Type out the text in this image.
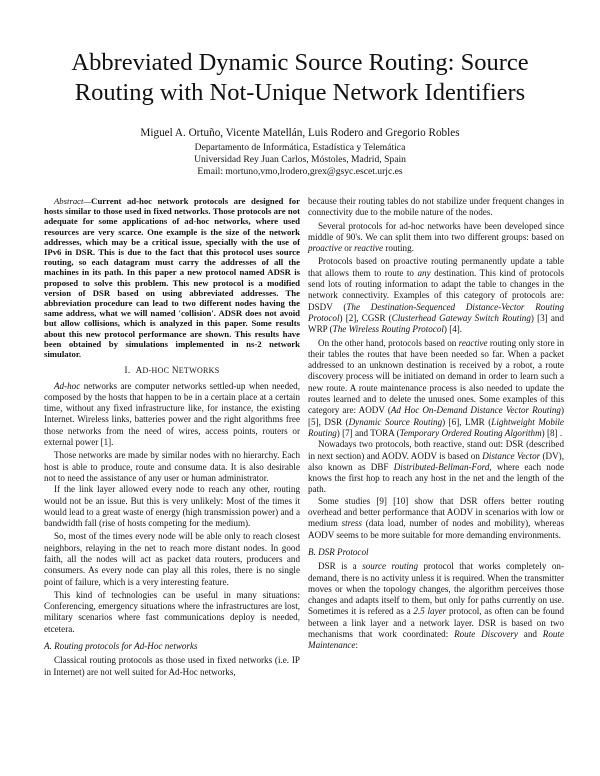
Abbreviated Dynamic Source Routing: Source
Routing with Not-Unique Network Identifiers
Miguel A. Ortuño, Vicente Matellán, Luis Rodero and Gregorio Robles
Departamento de Informática, Estadística y Telemática
Universidad Rey Juan Carlos, Móstoles, Madrid, Spain
Email: mortuno,vmo,lrodero,grex@gsyc.escet.urjc.es

Abstract—Current ad-hoc network protocols are designed for hosts similar to those used in fixed networks. Those protocols are not adequate for some applications of ad-hoc networks, where used resources are very scarce. One example is the size of the network addresses, which may be a critical issue, specially with the use of IPv6 in DSR. This is due to the fact that this protocol uses source routing, so each datagram must carry the addresses of all the machines in its path. In this paper a new protocol named ADSR is proposed to solve this problem. This new protocol is a modified version of DSR based on using abbreviated addresses. The abbreviation procedure can lead to two different nodes having the same address, what we will named 'collision'. ADSR does not avoid but allow collisions, which is analyzed in this paper. Some results about this new protocol performance are shown. This results have been obtained by simulations implemented in ns-2 network simulator.

I. AD-HOC NETWORKS

Ad-hoc networks are computer networks settled-up when needed, composed by the hosts that happen to be in a certain place at a certain time, without any fixed infrastructure like, for instance, the existing Internet. Wireless links, batteries power and the right algorithms free those networks from the need of wires, access points, routers or external power [1].

Those networks are made by similar nodes with no hierarchy. Each host is able to produce, route and consume data. It is also desirable not to need the assistance of any user or human administrator.

If the link layer allowed every node to reach any other, routing would not be an issue. But this is very unlikely: Most of the times it would lead to a great waste of energy (high transmission power) and a bandwidth fall (rise of hosts competing for the medium).

So, most of the times every node will be able only to reach closest neighbors, relaying in the net to reach more distant nodes. In good faith, all the nodes will act as packet data routers, producers and consumers. As every node can play all this roles, there is no single point of failure, which is a very interesting feature.

This kind of technologies can be useful in many situations: Conferencing, emergency situations where the infrastructures are lost, military scenarios where fast communications deploy is needed, etcetera.

A. Routing protocols for Ad-Hoc networks

Classical routing protocols as those used in fixed networks (i.e. IP in Internet) are not well suited for Ad-Hoc networks,

because their routing tables do not stabilize under frequent changes in connectivity due to the mobile nature of the nodes.

Several protocols for ad-hoc networks have been developed since middle of 90's. We can split them into two different groups: based on proactive or reactive routing.

Protocols based on proactive routing permanently update a table that allows them to route to any destination. This kind of protocols send lots of routing information to adapt the table to changes in the network connectivity. Examples of this category of protocols are: DSDV (The Destination-Sequenced Distance-Vector Routing Protocol) [2], CGSR (Clusterhead Gateway Switch Routing) [3] and WRP (The Wireless Routing Protocol) [4].

On the other hand, protocols based on reactive routing only store in their tables the routes that have been needed so far. When a packet addressed to an unknown destination is received by a robot, a route discovery process will be initiated on demand in order to learn such a new route. A route maintenance process is also needed to update the routes learned and to delete the unused ones. Some examples of this category are: AODV (Ad Hoc On-Demand Distance Vector Routing) [5], DSR (Dynamic Source Routing) [6], LMR (Lightweight Mobile Routing) [7] and TORA (Temporary Ordered Routing Algorithm) [8] .

Nowadays two protocols, both reactive, stand out: DSR (described in next section) and AODV. AODV is based on Distance Vector (DV), also known as DBF Distributed-Bellman-Ford, where each node knows the first hop to reach any host in the net and the length of the path.

Some studies [9] [10] show that DSR offers better routing overhead and better performance that AODV in scenarios with low or medium stress (data load, number of nodes and mobility), whereas AODV seems to be more suitable for more demanding environments.

B. DSR Protocol

DSR is a source routing protocol that works completely on-demand, there is no activity unless it is required. When the transmitter moves or when the topology changes, the algorithm perceives those changes and adapts itself to them, but only for paths currently on use. Sometimes it is refered as a 2.5 layer protocol, as often can be found between a link layer and a network layer. DSR is based on two mechanisms that work coordinated: Route Discovery and Route Maintenance:
